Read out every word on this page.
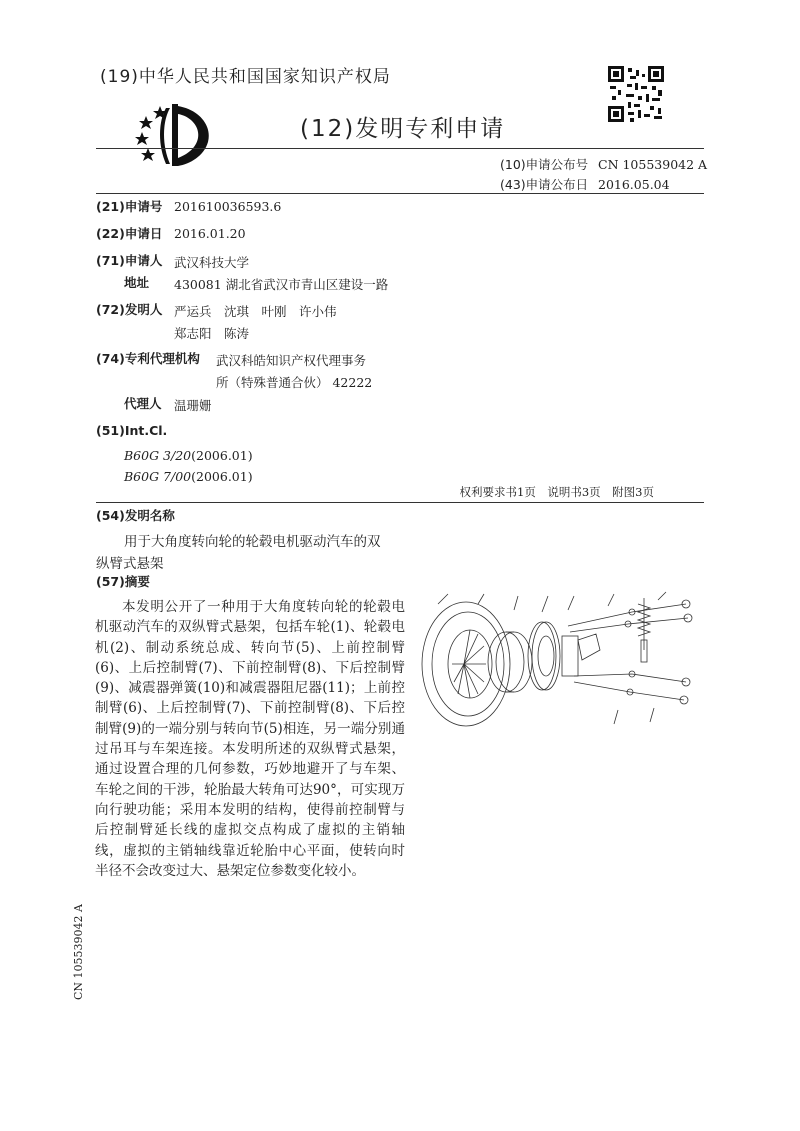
(19)中华人民共和国国家知识产权局
(12)发明专利申请
(10)申请公布号 CN 105539042 A
(43)申请公布日 2016.05.04
(21)申请号 201610036593.6
(22)申请日 2016.01.20
(71)申请人 武汉科技大学
地址 430081 湖北省武汉市青山区建设一路
(72)发明人 严运兵　沈琪　叶刚　许小伟
郑志阳　陈涛
(74)专利代理机构 武汉科皓知识产权代理事务
所（特殊普通合伙） 42222
代理人 温珊姗
(51)Int.Cl.
B60G 3/20(2006.01)
B60G 7/00(2006.01)
权利要求书1页　说明书3页　附图3页
(54)发明名称
用于大角度转向轮的轮毂电机驱动汽车的双
纵臂式悬架
(57)摘要
本发明公开了一种用于大角度转向轮的轮毂电机驱动汽车的双纵臂式悬架，包括车轮(1)、轮毂电机(2)、制动系统总成、转向节(5)、上前控制臂(6)、上后控制臂(7)、下前控制臂(8)、下后控制臂(9)、减震器弹簧(10)和减震器阻尼器(11)；上前控制臂(6)、上后控制臂(7)、下前控制臂(8)、下后控制臂(9)的一端分别与转向节(5)相连，另一端分别通过吊耳与车架连接。本发明所述的双纵臂式悬架，通过设置合理的几何参数，巧妙地避开了与车架、车轮之间的干涉，轮胎最大转角可达90°，可实现万向行驶功能；采用本发明的结构，使得前控制臂与后控制臂延长线的虚拟交点构成了虚拟的主销轴线，虚拟的主销轴线靠近轮胎中心平面，使转向时半径不会改变过大、悬架定位参数变化较小。
CN 105539042 A
